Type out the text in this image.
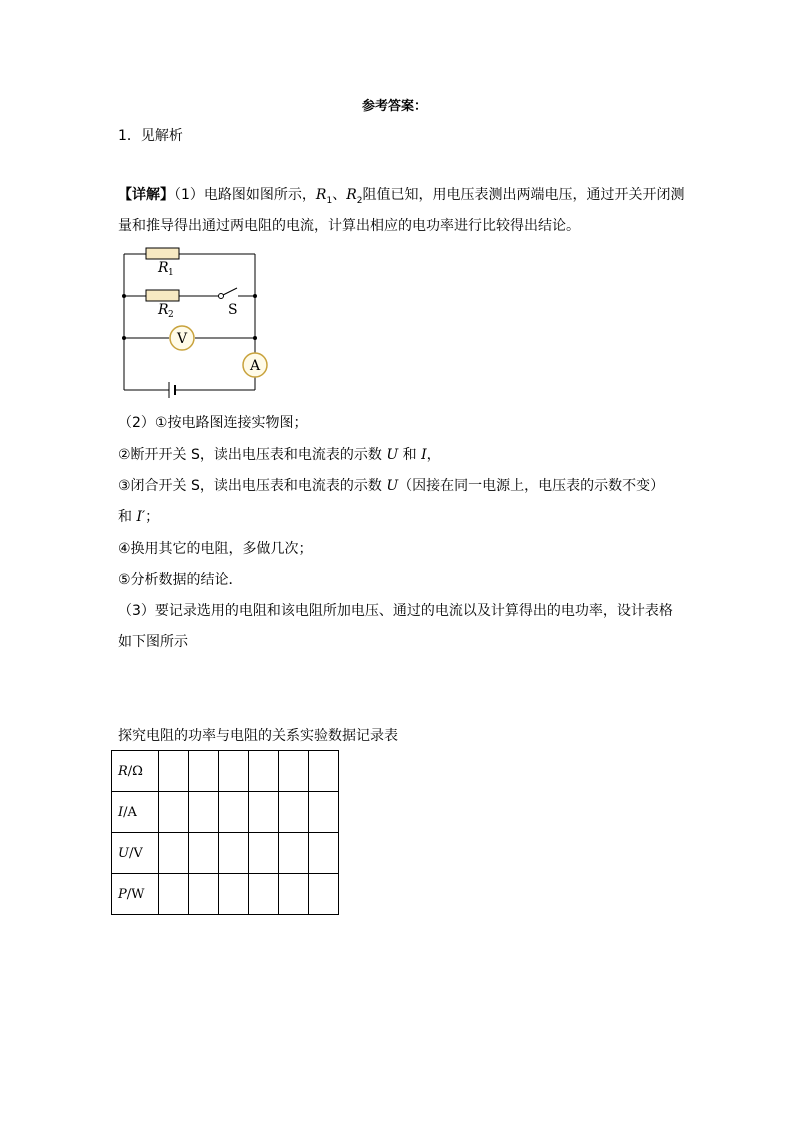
参考答案：
1．见解析
【详解】（1）电路图如图所示，$R_1$、$R_2$阻值已知，用电压表测出两端电压，通过开关开闭测
量和推导得出通过两电阻的电流，计算出相应的电功率进行比较得出结论。
V
A
R 1
R 2	S
（2）①按电路图连接实物图；
②断开开关 S，读出电压表和电流表的示数 U 和 I，
③闭合开关 S，读出电压表和电流表的示数 U（因接在同一电源上，电压表的示数不变）
和 I′；
④换用其它的电阻，多做几次；
⑤分析数据的结论．
（3）要记录选用的电阻和该电阻所加电压、通过的电流以及计算得出的电功率，设计表格
如下图所示
探究电阻的功率与电阻的关系实验数据记录表
R/Ω						
I/A						
U/V						
P/W						
